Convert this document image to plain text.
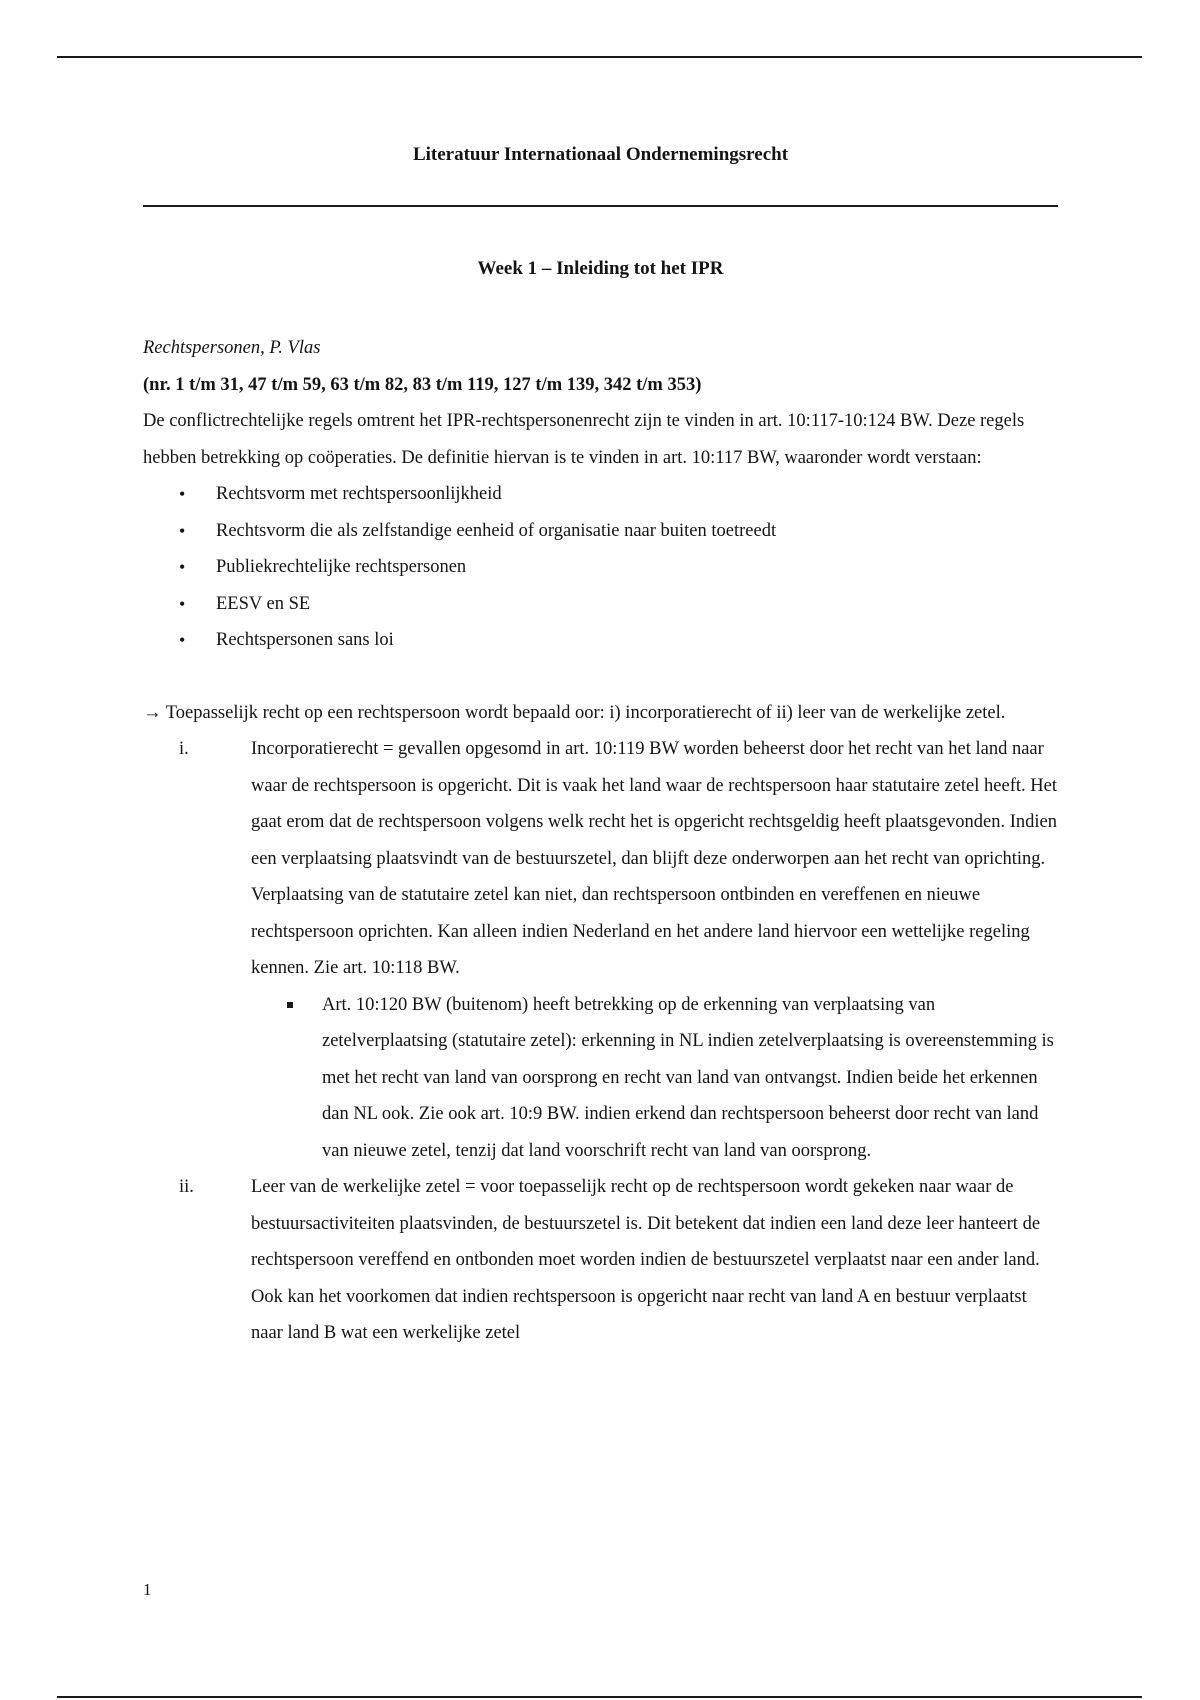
Literatuur Internationaal Ondernemingsrecht
Week 1 – Inleiding tot het IPR

Rechtspersonen, P. Vlas

(nr. 1 t/m 31, 47 t/m 59, 63 t/m 82, 83 t/m 119, 127 t/m 139, 342 t/m 353)

De conflictrechtelijke regels omtrent het IPR-rechtspersonenrecht zijn te vinden in art. 10:117-10:124 BW. Deze regels hebben betrekking op coöperaties. De definitie hiervan is te vinden in art. 10:117 BW, waaronder wordt verstaan:

• Rechtsvorm met rechtspersoonlijkheid
• Rechtsvorm die als zelfstandige eenheid of organisatie naar buiten toetreedt
• Publiekrechtelijke rechtspersonen
• EESV en SE
• Rechtspersonen sans loi

→ Toepasselijk recht op een rechtspersoon wordt bepaald oor: i) incorporatierecht of ii) leer van de werkelijke zetel.

i.	Incorporatierecht = gevallen opgesomd in art. 10:119 BW worden beheerst door het recht van het land naar waar de rechtspersoon is opgericht. Dit is vaak het land waar de rechtspersoon haar statutaire zetel heeft. Het gaat erom dat de rechtspersoon volgens welk recht het is opgericht rechtsgeldig heeft plaatsgevonden. Indien een verplaatsing plaatsvindt van de bestuurszetel, dan blijft deze onderworpen aan het recht van oprichting. Verplaatsing van de statutaire zetel kan niet, dan rechtspersoon ontbinden en vereffenen en nieuwe rechtspersoon oprichten. Kan alleen indien Nederland en het andere land hiervoor een wettelijke regeling kennen. Zie art. 10:118 BW.
Art. 10:120 BW (buitenom) heeft betrekking op de erkenning van verplaatsing van zetelverplaatsing (statutaire zetel): erkenning in NL indien zetelverplaatsing is overeenstemming is met het recht van land van oorsprong en recht van land van ontvangst. Indien beide het erkennen dan NL ook. Zie ook art. 10:9 BW. indien erkend dan rechtspersoon beheerst door recht van land van nieuwe zetel, tenzij dat land voorschrift recht van land van oorsprong.
ii.	Leer van de werkelijke zetel = voor toepasselijk recht op de rechtspersoon wordt gekeken naar waar de bestuursactiviteiten plaatsvinden, de bestuurszetel is. Dit betekent dat indien een land deze leer hanteert de rechtspersoon vereffend en ontbonden moet worden indien de bestuurszetel verplaatst naar een ander land. Ook kan het voorkomen dat indien rechtspersoon is opgericht naar recht van land A en bestuur verplaatst naar land B wat een werkelijke zetel

1
